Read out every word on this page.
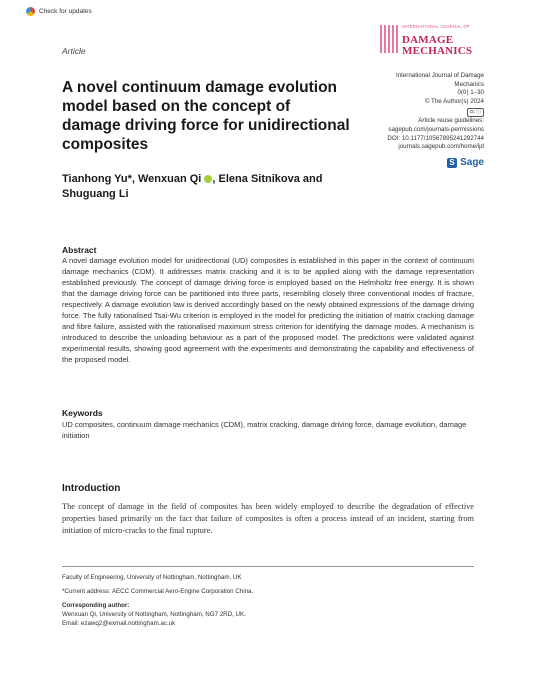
Check for updates
INTERNATIONAL JOURNAL OF
DAMAGE
MECHANICS
Article
A novel continuum damage evolution model based on the concept of damage driving force for unidirectional composites
International Journal of Damage
Mechanics
0(0) 1–30
© The Author(s) 2024
cc ⓘ
Article reuse guidelines:
sagepub.com/journals-permissions
DOI: 10.1177/10567895241292744
journals.sagepub.com/home/ijd
S Sage
Tianhong Yu*, Wenxuan Qi , Elena Sitnikova and
Shuguang Li
Abstract

A novel damage evolution model for unidirectional (UD) composites is established in this paper in the context of continuum damage mechanics (CDM). It addresses matrix cracking and it is to be applied along with the damage representation established previously. The concept of damage driving force is employed based on the Helmholtz free energy. It is shown that the damage driving force can be partitioned into three parts, resembling closely three conventional modes of fracture, respectively. A damage evolution law is derived accordingly based on the newly obtained expressions of the damage driving force. The fully rationalised Tsai-Wu criterion is employed in the model for predicting the initiation of matrix cracking damage and fibre failure, assisted with the rationalised maximum stress criterion for identifying the damage modes. A mechanism is introduced to describe the unloading behaviour as a part of the proposed model. The predictions were validated against experimental results, showing good agreement with the experiments and demonstrating the capability and effectiveness of the proposed model.

Keywords

UD composites, continuum damage mechanics (CDM), matrix cracking, damage driving force, damage evolution, damage initiation

Introduction

The concept of damage in the field of composites has been widely employed to describe the degradation of effective properties based primarily on the fact that failure of composites is often a process instead of an incident, starting from initiation of micro-cracks to the final rupture.

Faculty of Engineering, University of Nottingham, Nottingham, UK

*Current address: AECC Commercial Aero-Engine Corporation China.

Corresponding author:
Wenxuan Qi, University of Nottingham, Nottingham, NG7 2RD, UK.
Email: ezawq2@exmail.nottingham.ac.uk
